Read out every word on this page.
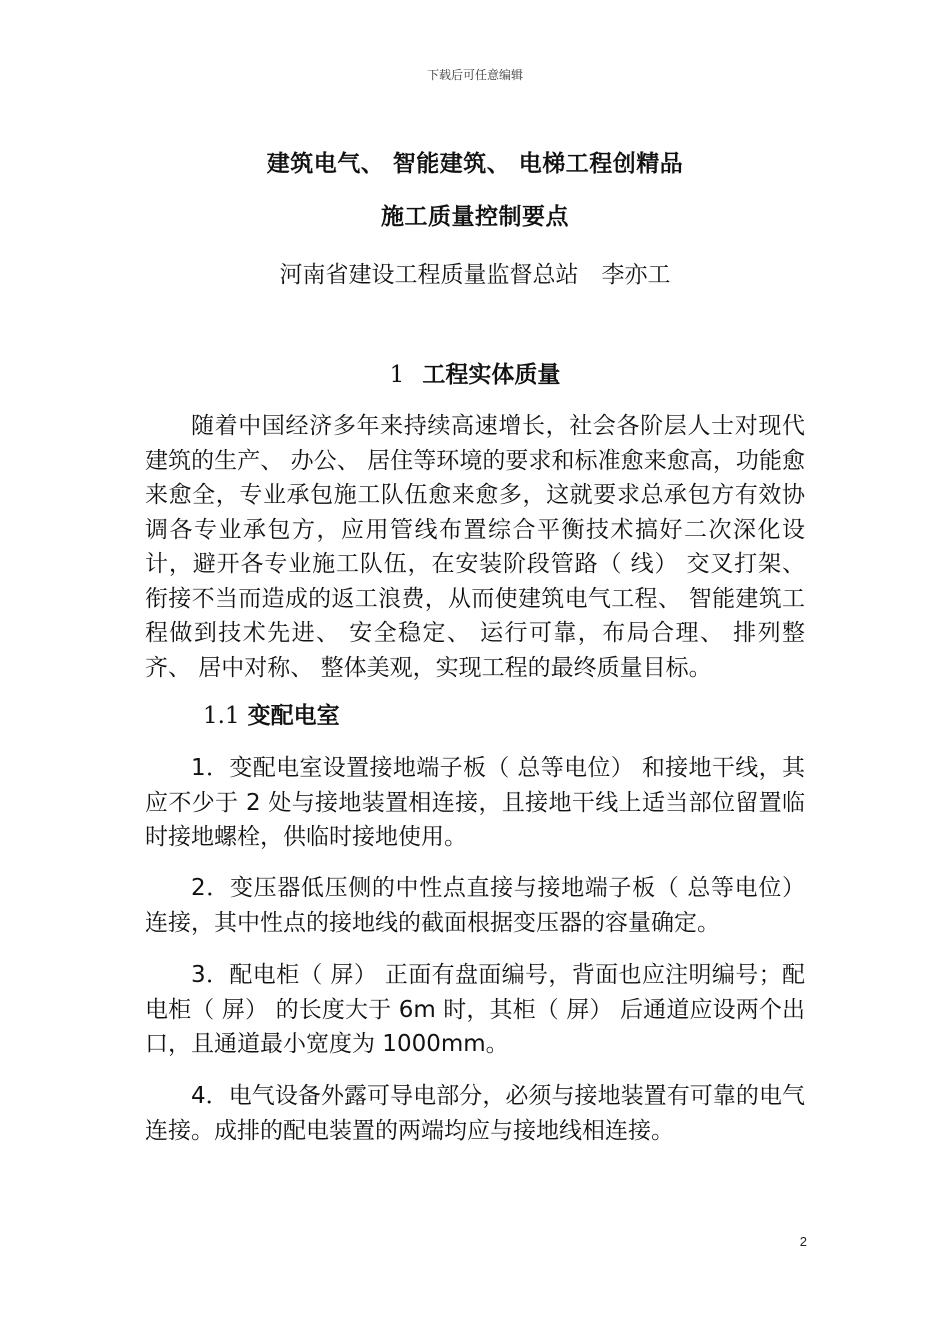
下载后可任意编辑
建筑电气、 智能建筑、 电梯工程创精品
施工质量控制要点
河南省建设工程质量监督总站　李亦工
1 工程实体质量

随着中国经济多年来持续高速增长，社会各阶层人士对现代建筑的生产、 办公、 居住等环境的要求和标准愈来愈高，功能愈来愈全，专业承包施工队伍愈来愈多，这就要求总承包方有效协调各专业承包方，应用管线布置综合平衡技术搞好二次深化设计，避开各专业施工队伍，在安装阶段管路（ 线） 交叉打架、 衔接不当而造成的返工浪费，从而使建筑电气工程、 智能建筑工程做到技术先进、 安全稳定、 运行可靠，布局合理、 排列整齐、 居中对称、 整体美观，实现工程的最终质量目标。

1.1 变配电室

1．变配电室设置接地端子板（ 总等电位） 和接地干线，其应不少于 2 处与接地装置相连接，且接地干线上适当部位留置临时接地螺栓，供临时接地使用。

2．变压器低压侧的中性点直接与接地端子板（ 总等电位） 连接，其中性点的接地线的截面根据变压器的容量确定。

3．配电柜（ 屏） 正面有盘面编号，背面也应注明编号；配电柜（ 屏） 的长度大于 6m 时，其柜（ 屏） 后通道应设两个出口，且通道最小宽度为 1000mm。

4．电气设备外露可导电部分，必须与接地装置有可靠的电气连接。成排的配电装置的两端均应与接地线相连接。

2
